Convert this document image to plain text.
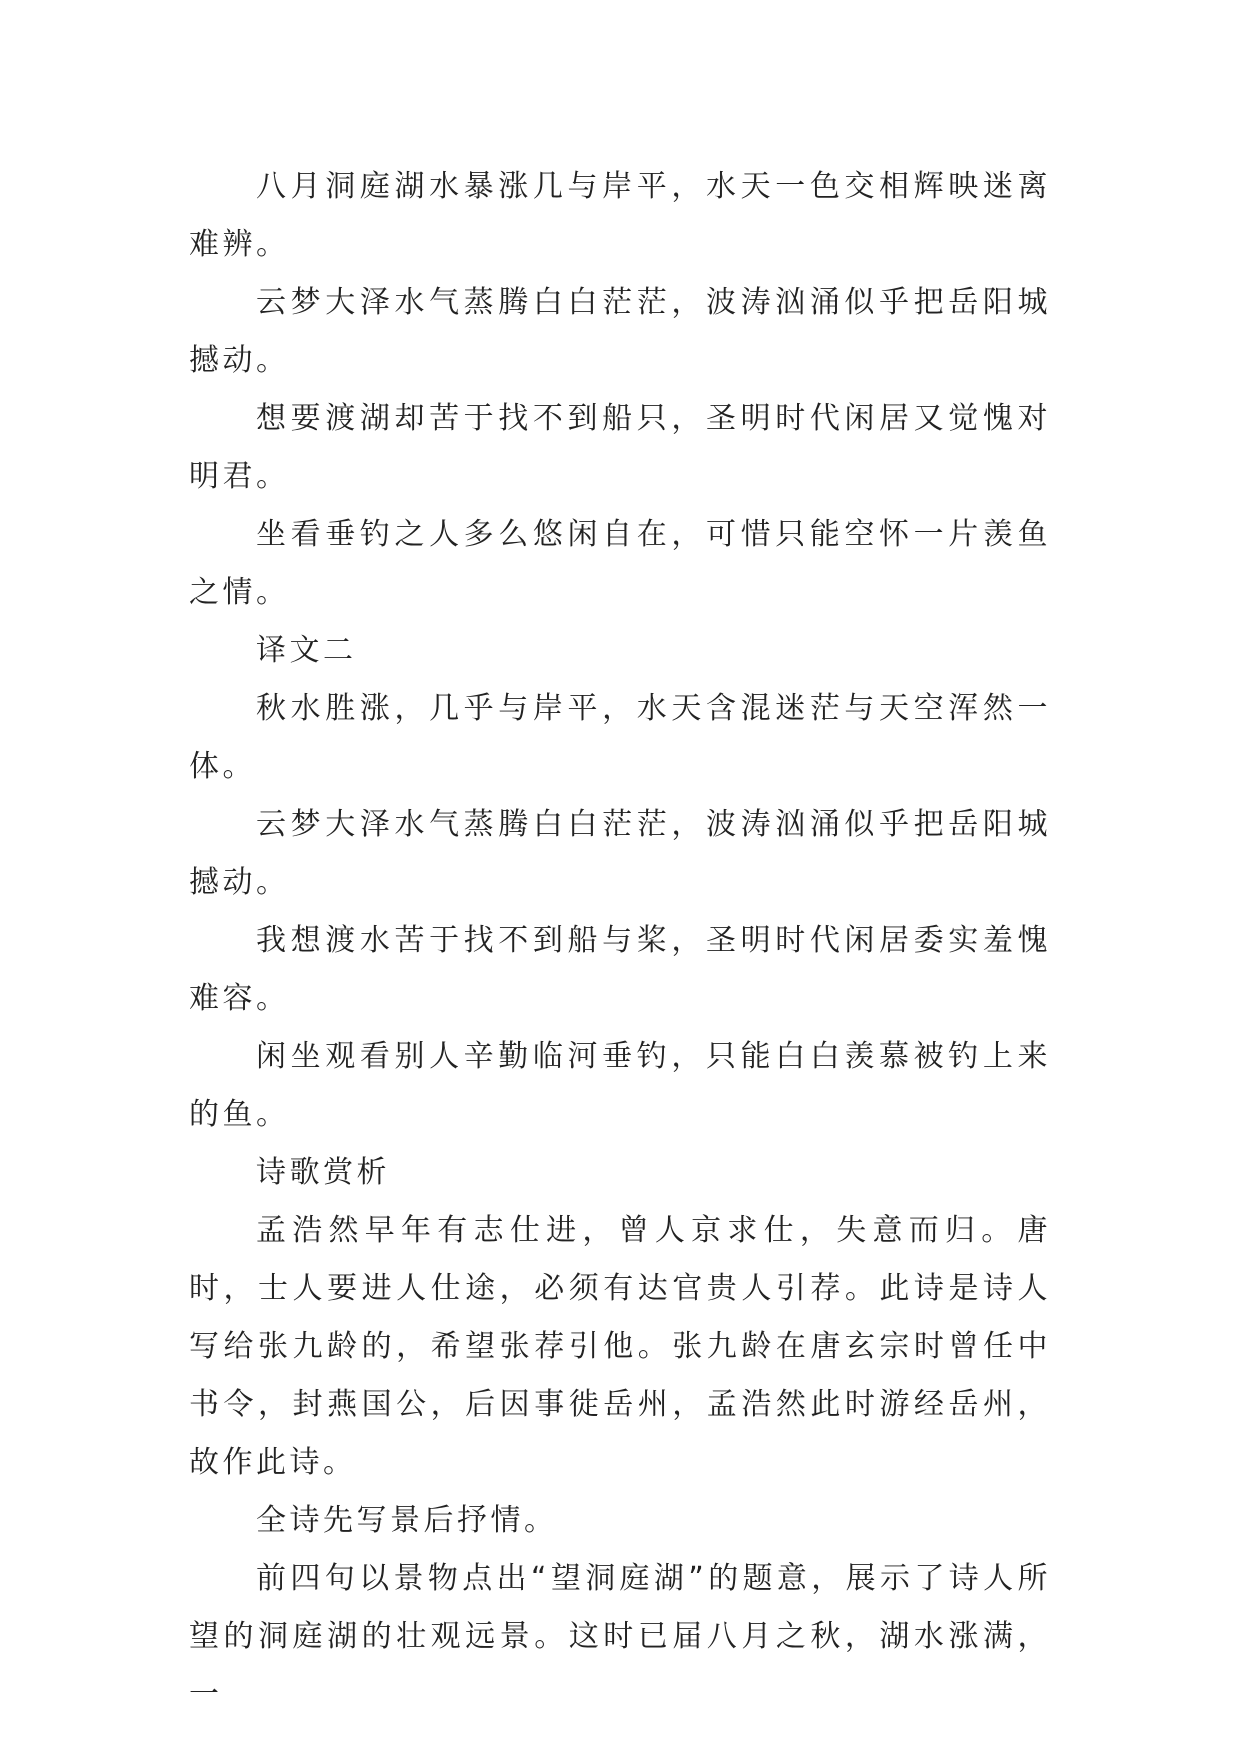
八月洞庭湖水暴涨几与岸平，水天一色交相辉映迷离难辨。

云梦大泽水气蒸腾白白茫茫，波涛汹涌似乎把岳阳城撼动。

想要渡湖却苦于找不到船只，圣明时代闲居又觉愧对明君。

坐看垂钓之人多么悠闲自在，可惜只能空怀一片羡鱼之情。

译文二

秋水胜涨，几乎与岸平，水天含混迷茫与天空浑然一体。

云梦大泽水气蒸腾白白茫茫，波涛汹涌似乎把岳阳城撼动。

我想渡水苦于找不到船与桨，圣明时代闲居委实羞愧难容。

闲坐观看别人辛勤临河垂钓，只能白白羡慕被钓上来的鱼。

诗歌赏析

孟浩然早年有志仕进，曾人京求仕，失意而归。唐时，士人要进人仕途，必须有达官贵人引荐。此诗是诗人写给张九龄的，希望张荐引他。张九龄在唐玄宗时曾任中书令，封燕国公，后因事徙岳州，孟浩然此时游经岳州，故作此诗。

全诗先写景后抒情。

前四句以景物点出“望洞庭湖”的题意，展示了诗人所望的洞庭湖的壮观远景。这时已届八月之秋，湖水涨满，一
